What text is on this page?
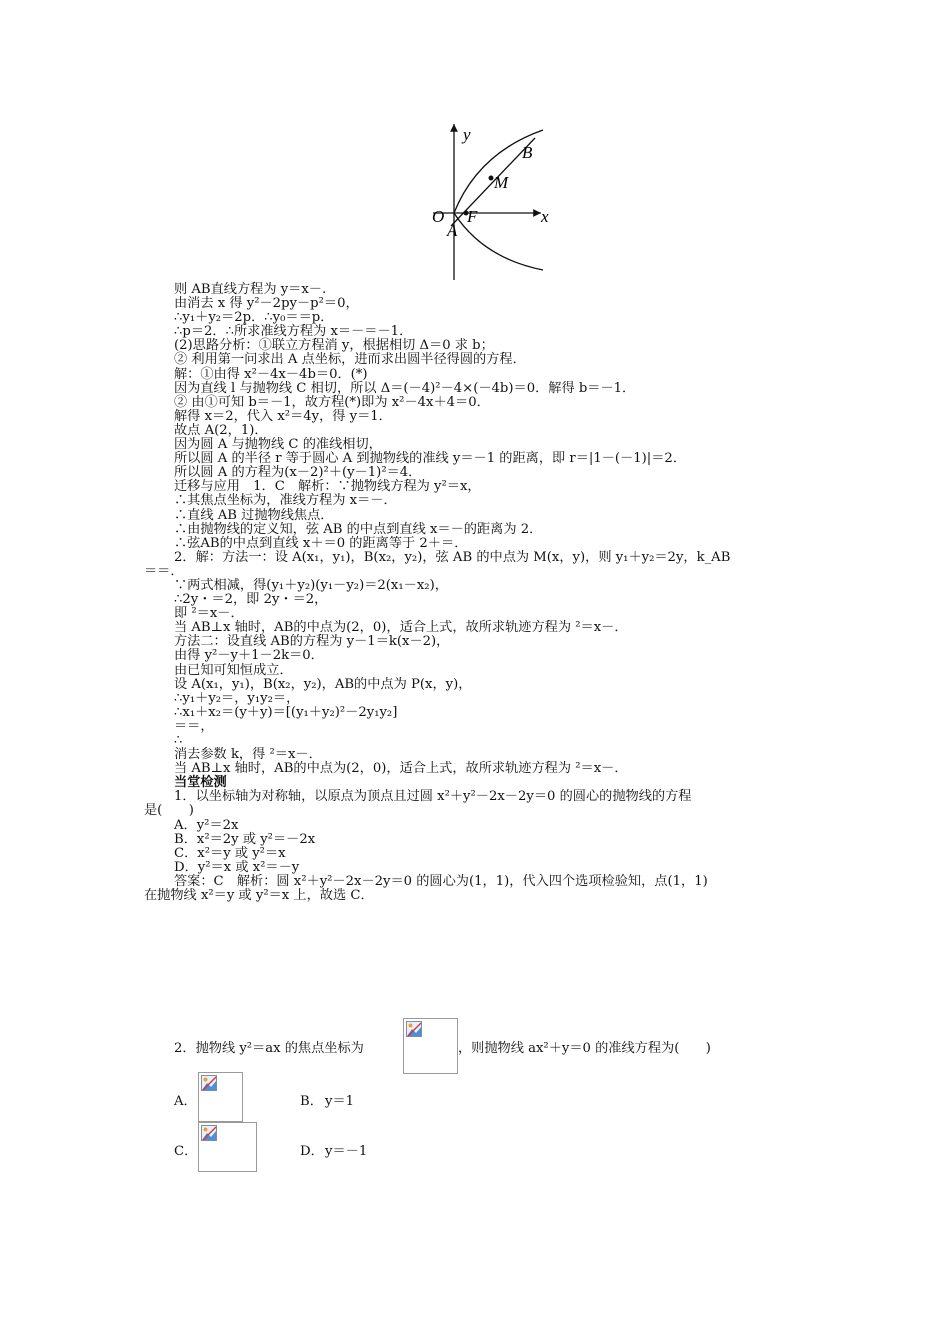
y
x
O F
A
B
M
则 AB直线方程为 y＝x－.
由消去 x 得 y²－2py－p²＝0，
∴y₁＋y₂＝2p．∴y₀＝＝p．
∴p＝2．∴所求准线方程为 x＝－＝－1．
(2)思路分析：①联立方程消 y，根据相切 Δ＝0 求 b；
② 利用第一问求出 A 点坐标，进而求出圆半径得圆的方程．
解：①由得 x²－4x－4b＝0．(*)
因为直线 l 与抛物线 C 相切，所以 Δ＝(－4)²－4×(－4b)＝0．解得 b＝－1．
② 由①可知 b＝－1，故方程(*)即为 x²－4x＋4＝0．
解得 x＝2，代入 x²＝4y，得 y＝1．
故点 A(2，1)．
因为圆 A 与抛物线 C 的准线相切，
所以圆 A 的半径 r 等于圆心 A 到抛物线的准线 y＝－1 的距离，即 r＝|1－(－1)|＝2．
所以圆 A 的方程为(x－2)²＋(y－1)²＝4．
迁移与应用　1．C　解析：∵抛物线方程为 y²＝x，
∴其焦点坐标为，准线方程为 x＝－．
∴直线 AB 过抛物线焦点．
∴由抛物线的定义知，弦 AB 的中点到直线 x＝－的距离为 2．
∴弦AB的中点到直线 x＋＝0 的距离等于 2＋＝．
2．解：方法一：设 A(x₁，y₁)，B(x₂，y₂)，弦 AB 的中点为 M(x，y)，则 y₁＋y₂＝2y，k_AB
＝＝．
∵两式相减，得(y₁＋y₂)(y₁－y₂)＝2(x₁－x₂)，
∴2y・＝2，即 2y・＝2，
即 ²＝x－．
当 AB⊥x 轴时，AB的中点为(2，0)，适合上式，故所求轨迹方程为 ²＝x－．
方法二：设直线 AB的方程为 y－1＝k(x－2)，
由得 y²－y＋1－2k＝0．
由已知可知恒成立．
设 A(x₁，y₁)，B(x₂，y₂)，AB的中点为 P(x，y)，
∴y₁＋y₂＝，y₁y₂＝，
∴x₁＋x₂＝(y＋y)＝[(y₁＋y₂)²－2y₁y₂]
＝＝，
∴
消去参数 k，得 ²＝x－．
当 AB⊥x 轴时，AB的中点为(2，0)，适合上式，故所求轨迹方程为 ²＝x－．
当堂检测
1．以坐标轴为对称轴，以原点为顶点且过圆 x²＋y²－2x－2y＝0 的圆心的抛物线的方程
是(　　)
A．y²＝2x
B．x²＝2y 或 y²＝－2x
C．x²＝y 或 y²＝x
D．y²＝x 或 x²＝－y
答案：C　解析：圆 x²＋y²－2x－2y＝0 的圆心为(1，1)，代入四个选项检验知，点(1，1)
在抛物线 x²＝y 或 y²＝x 上，故选 C．
2．抛物线 y²＝ax 的焦点坐标为	，则抛物线 ax²＋y＝0 的准线方程为(　　)
A．	B． y＝1
C．	D． y＝－1
